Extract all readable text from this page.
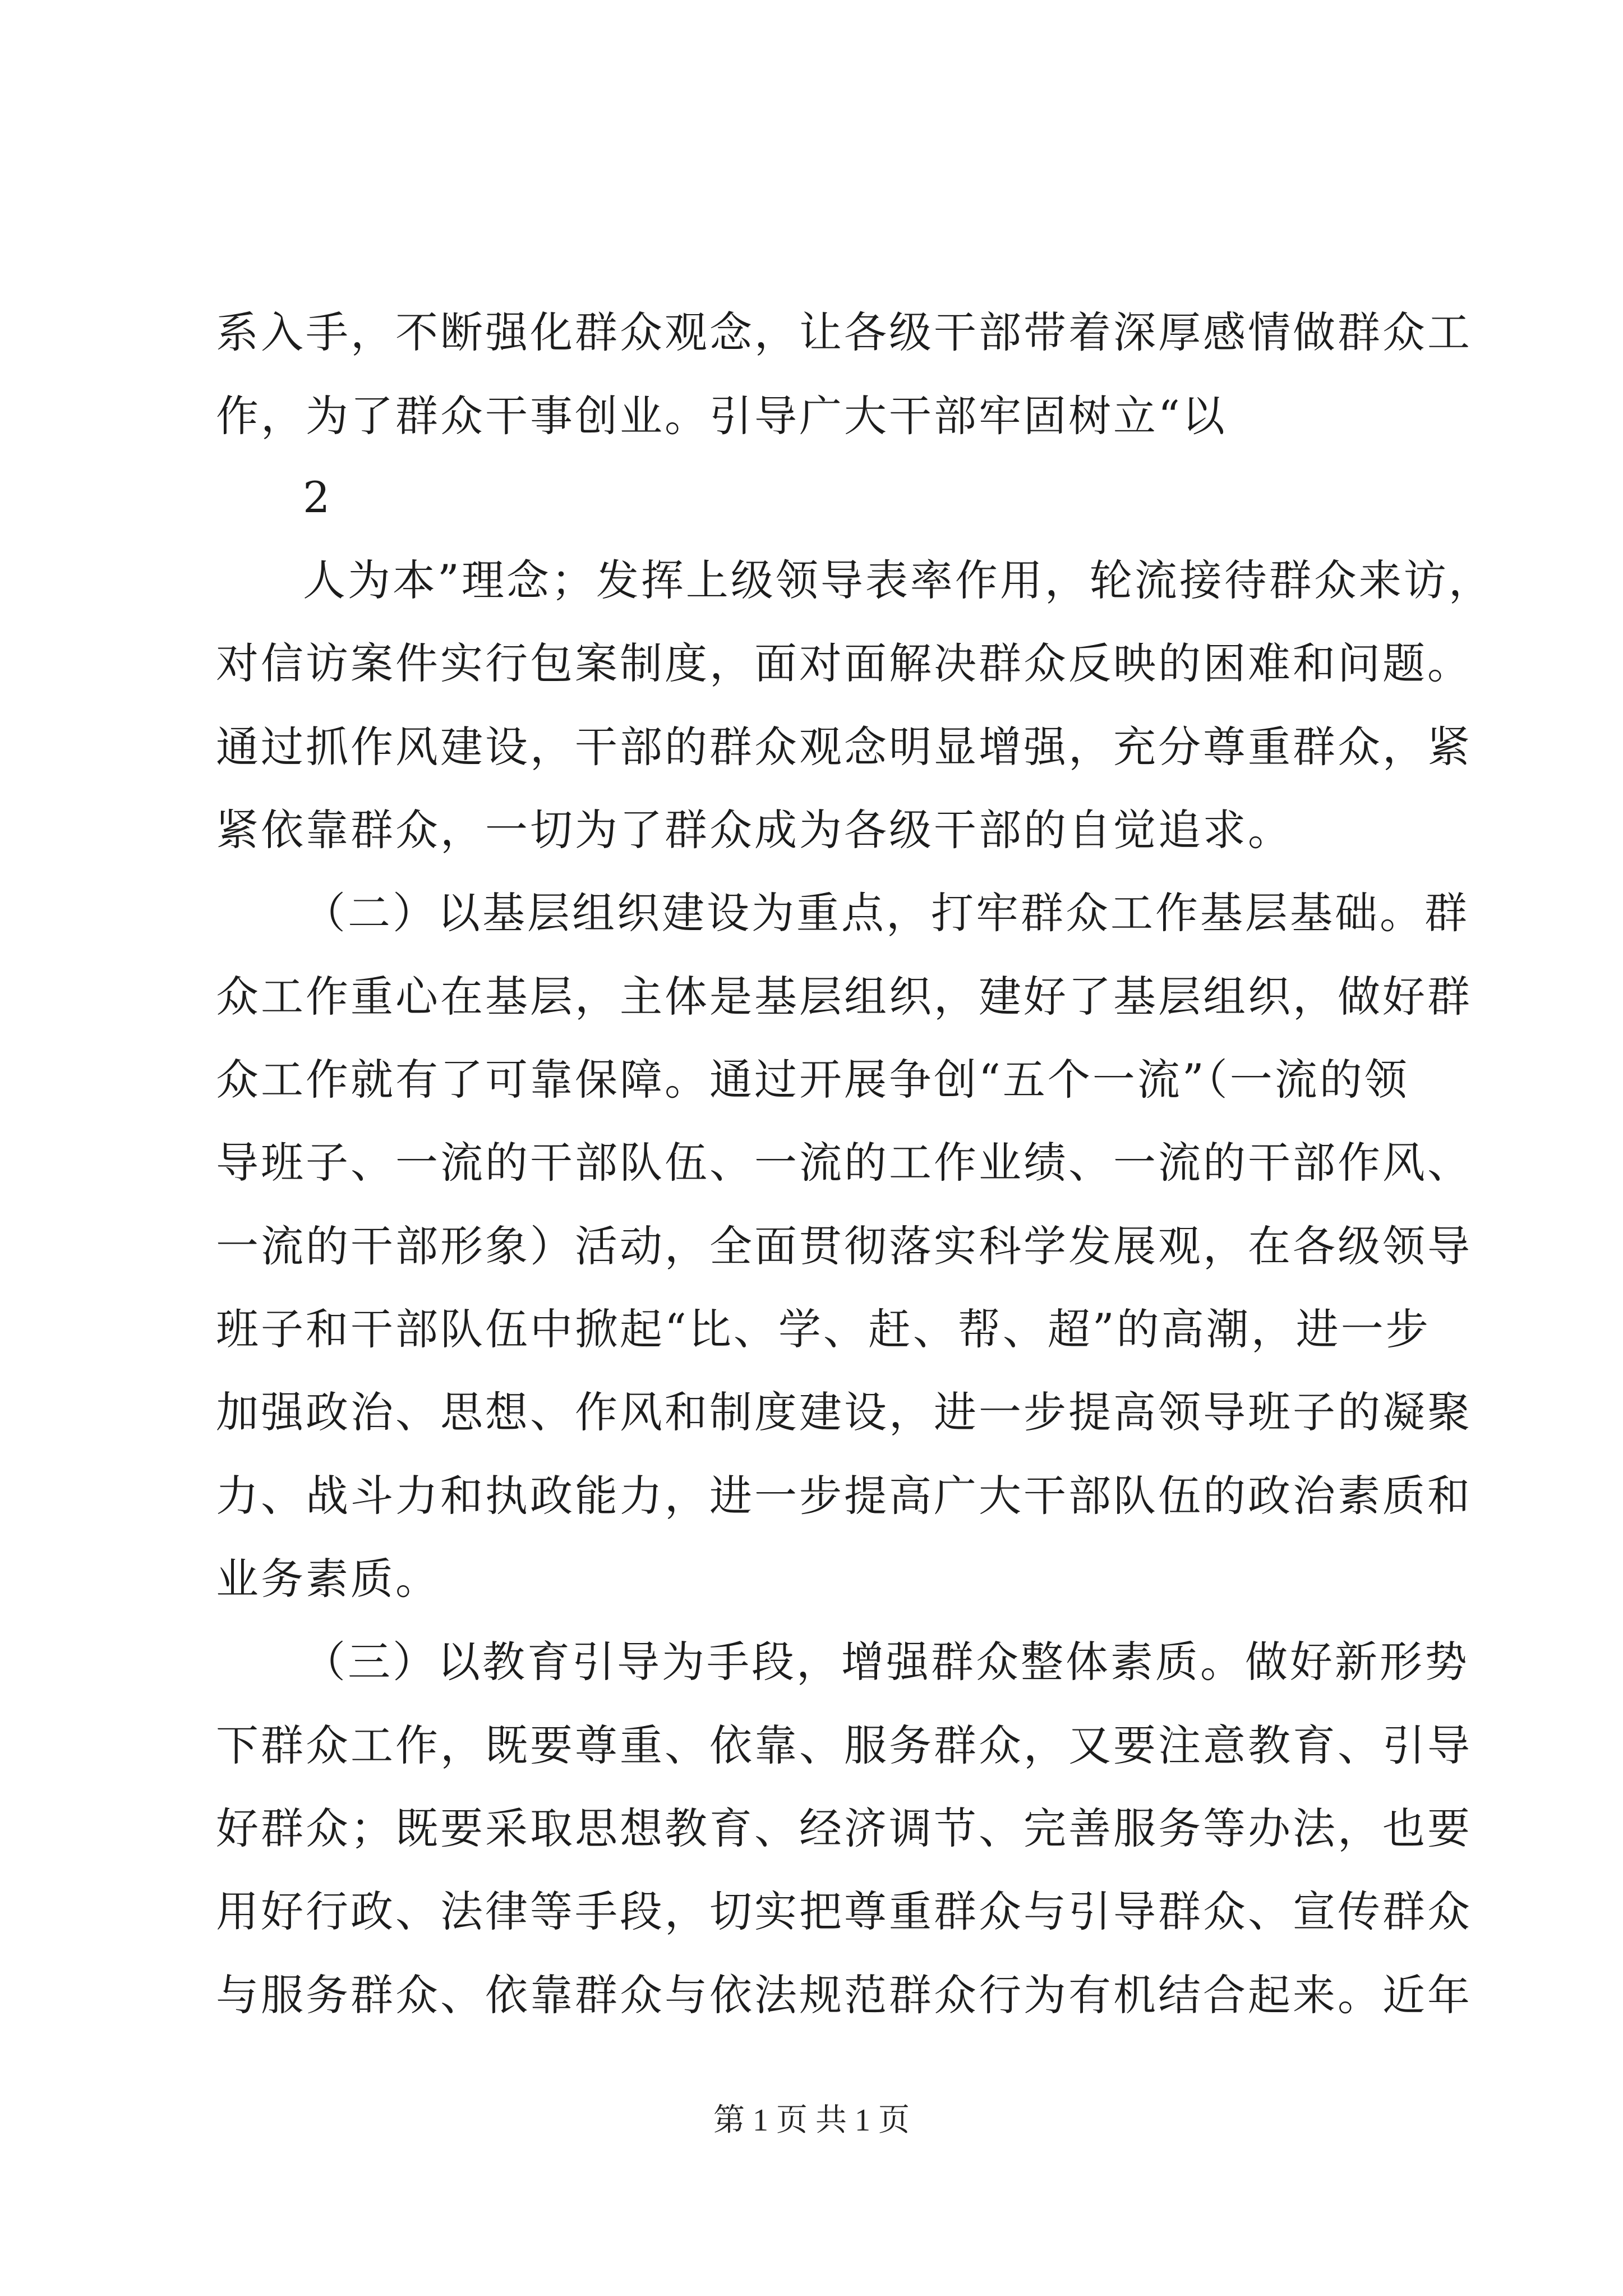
系入手，不断强化群众观念，让各级干部带着深厚感情做群众工
作，为了群众干事创业。引导广大干部牢固树立“以
2
人为本”理念；发挥上级领导表率作用，轮流接待群众来访，
对信访案件实行包案制度，面对面解决群众反映的困难和问题。
通过抓作风建设，干部的群众观念明显增强，充分尊重群众，紧
紧依靠群众，一切为了群众成为各级干部的自觉追求。
（二）以基层组织建设为重点，打牢群众工作基层基础。群
众工作重心在基层，主体是基层组织，建好了基层组织，做好群
众工作就有了可靠保障。通过开展争创“五个一流”（一流的领
导班子、一流的干部队伍、一流的工作业绩、一流的干部作风、
一流的干部形象）活动，全面贯彻落实科学发展观，在各级领导
班子和干部队伍中掀起“比、学、赶、帮、超”的高潮，进一步
加强政治、思想、作风和制度建设，进一步提高领导班子的凝聚
力、战斗力和执政能力，进一步提高广大干部队伍的政治素质和
业务素质。
（三）以教育引导为手段，增强群众整体素质。做好新形势
下群众工作，既要尊重、依靠、服务群众，又要注意教育、引导
好群众；既要采取思想教育、经济调节、完善服务等办法，也要
用好行政、法律等手段，切实把尊重群众与引导群众、宣传群众
与服务群众、依靠群众与依法规范群众行为有机结合起来。近年
第 1 页 共 1 页
